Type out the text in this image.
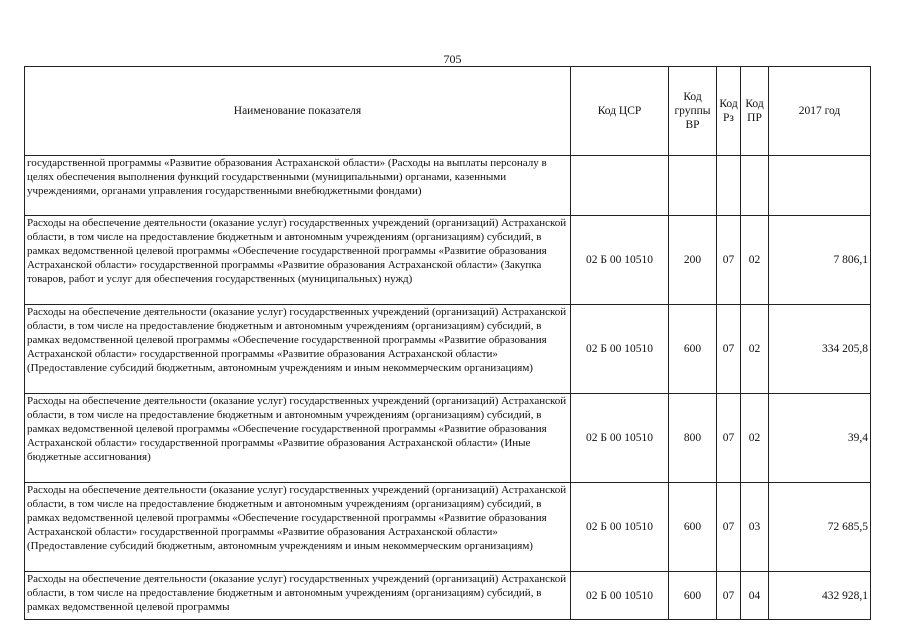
705
Наименование показателя	Код ЦСР	Код группы ВР	Код Рз	Код ПР	2017 год
государственной программы «Развитие образования Астраханской области» (Расходы на выплаты персоналу в целях обеспечения выполнения функций государственными (муниципальными) органами, казенными учреждениями, органами управления государственными внебюджетными фондами)					
Расходы на обеспечение деятельности (оказание услуг) государственных учреждений (организаций) Астраханской области, в том числе на предоставление бюджетным и автономным учреждениям (организациям) субсидий, в рамках ведомственной целевой программы «Обеспечение государственной программы «Развитие образования Астраханской области» государственной программы «Развитие образования Астраханской области» (Закупка товаров, работ и услуг для обеспечения государственных (муниципальных) нужд)	02 Б 00 10510	200	07	02	7 806,1
Расходы на обеспечение деятельности (оказание услуг) государственных учреждений (организаций) Астраханской области, в том числе на предоставление бюджетным и автономным учреждениям (организациям) субсидий, в рамках ведомственной целевой программы «Обеспечение государственной программы «Развитие образования Астраханской области» государственной программы «Развитие образования Астраханской области» (Предоставление субсидий бюджетным, автономным учреждениям и иным некоммерческим организациям)	02 Б 00 10510	600	07	02	334 205,8
Расходы на обеспечение деятельности (оказание услуг) государственных учреждений (организаций) Астраханской области, в том числе на предоставление бюджетным и автономным учреждениям (организациям) субсидий, в рамках ведомственной целевой программы «Обеспечение государственной программы «Развитие образования Астраханской области» государственной программы «Развитие образования Астраханской области» (Иные бюджетные ассигнования)	02 Б 00 10510	800	07	02	39,4
Расходы на обеспечение деятельности (оказание услуг) государственных учреждений (организаций) Астраханской области, в том числе на предоставление бюджетным и автономным учреждениям (организациям) субсидий, в рамках ведомственной целевой программы «Обеспечение государственной программы «Развитие образования Астраханской области» государственной программы «Развитие образования Астраханской области» (Предоставление субсидий бюджетным, автономным учреждениям и иным некоммерческим организациям)	02 Б 00 10510	600	07	03	72 685,5
Расходы на обеспечение деятельности (оказание услуг) государственных учреждений (организаций) Астраханской области, в том числе на предоставление бюджетным и автономным учреждениям (организациям) субсидий, в рамках ведомственной целевой программы	02 Б 00 10510	600	07	04	432 928,1
